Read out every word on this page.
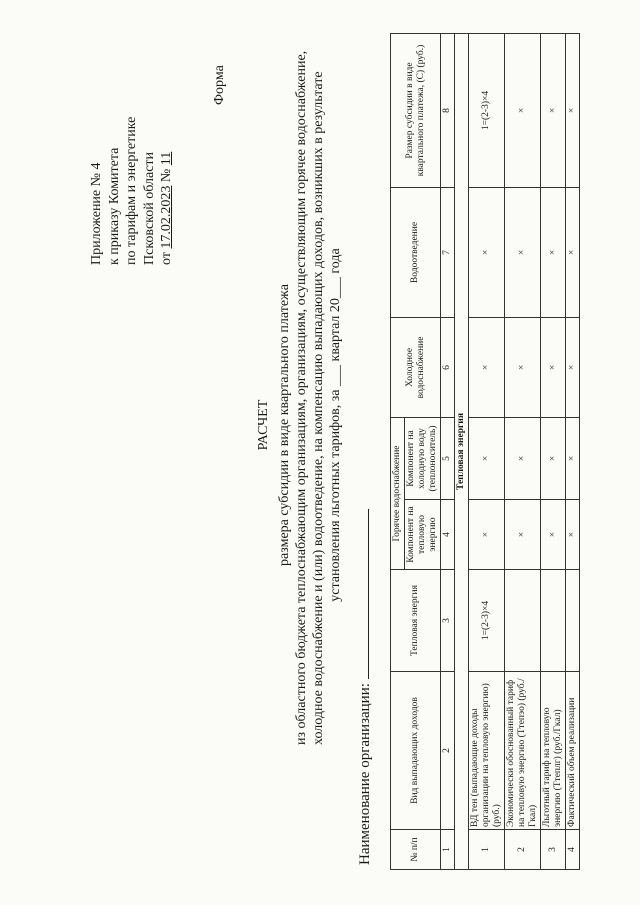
Форма
Приложение № 4 к приказу Комитета по тарифам и энергетике Псковской области от 17.02.2023 № 11
РАСЧЕТ размера субсидии в виде квартального платежа из областного бюджета теплоснабжающим организациям, организациям, осуществляющим горячее водоснабжение, холодное водоснабжение и (или) водоотведение, на компенсацию выпадающих доходов, возникших в результате установления льготных тарифов, за ___ квартал 20___ года
Наименование организации:	№ п/п	Вид выпадающих доходов	Тепловая энергия	Горячее водоснабжение		Холодное водоснабжение	Водоотведение	Размер субсидии в виде квартального платежа, (С) (руб.)
			Компонент на тепловую энергию	Компонент на холодную воду (теплоноситель)			
1	2	3	4	5	6	7	8
Тепловая энергия							
1	ВД тен (выпадающие доходы организации на тепловую энергию) (руб.)	1=(2-3)×4	×	×	×	×	1=(2-3)×4
2	Экономически обоснованный тариф на тепловую энергию (Ттепэо) (руб./Гкал)		×	×	×	×	×
3	Льготный тариф на тепловую энергию (Ттеплг) (руб./Гкал)		×	×	×	×	×
4	Фактический объем реализации		×	×	×	×	×
